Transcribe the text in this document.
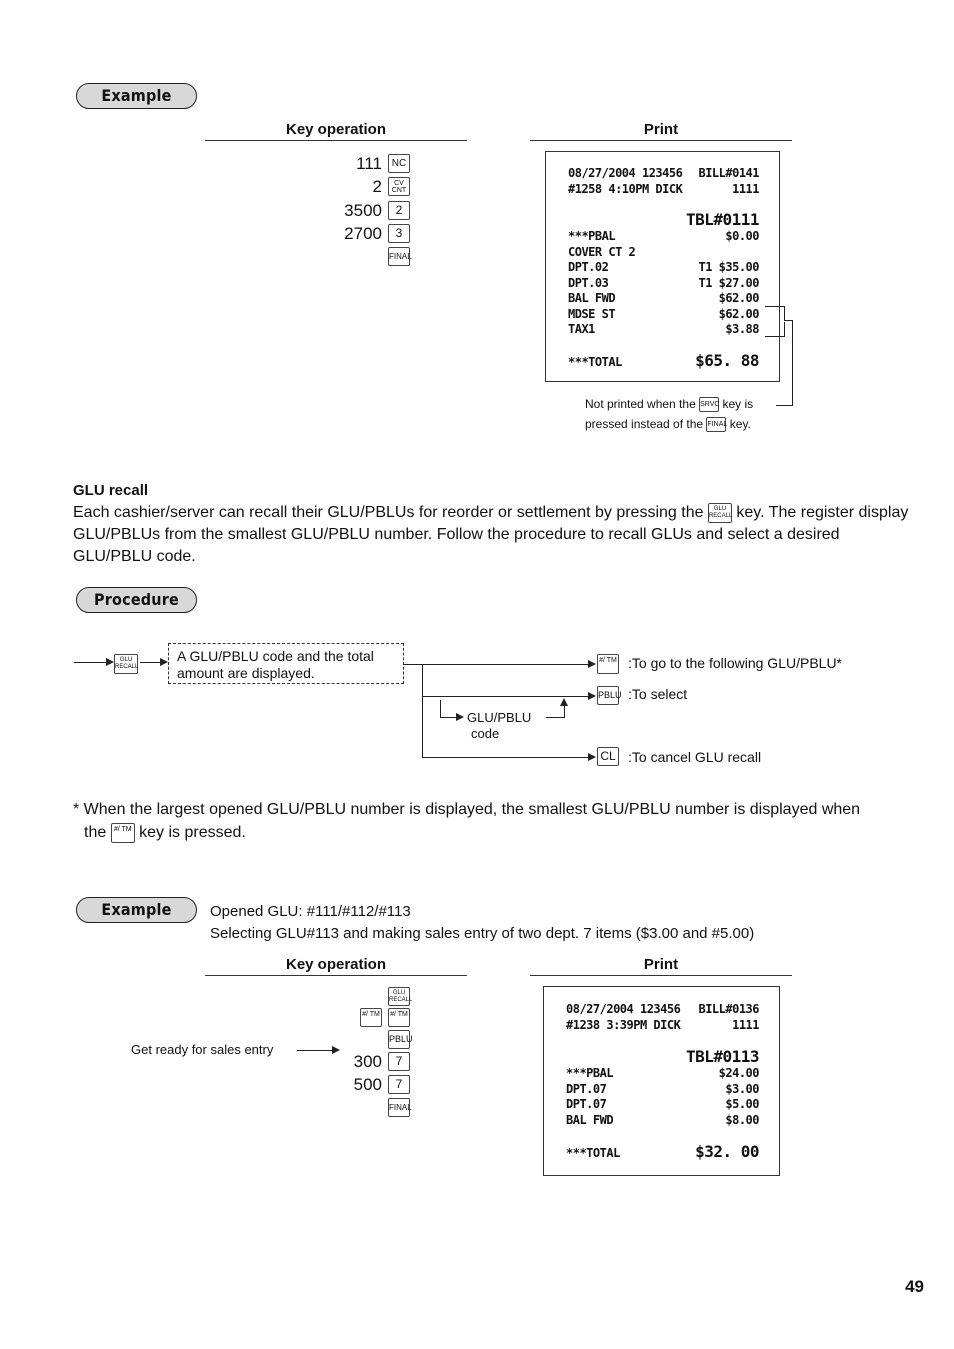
Example
Key operation	Print
111 NC
2	CV CNT
3500	2
2700	3
FINAL
08/27/2004 123456 BILL#0141
#1258 4:10PM DICK	1111
TBL#0111
***PBAL	$0.00
COVER CT 2
DPT.02	T1 $35.00
DPT.03	T1 $27.00
BAL FWD	$62.00
MDSE ST	$62.00
TAX1	$3.88
***TOTAL	$65. 88
Not printed when the SRVC key is
pressed instead of the FINAL key.
GLU recall
Each cashier/server can recall their GLU/PBLUs for reorder or settlement by pressing the GLU RECALL key. The register display GLU/PBLUs from the smallest GLU/PBLU number. Follow the procedure to recall GLUs and select a desired GLU/PBLU code.
Procedure
GLU RECALL
A GLU/PBLU code and the total
amount are displayed.
GLU/PBLU
code
#/ TM :To go to the following GLU/PBLU*
PBLU :To select
CL :To cancel GLU recall
* When the largest opened GLU/PBLU number is displayed, the smallest GLU/PBLU number is displayed when
the #/ TM key is pressed.
Example	Opened GLU: #111/#112/#113
Selecting GLU#113 and making sales entry of two dept. 7 items ($3.00 and #5.00)
Key operation	Print
Get ready for sales entry
GLU RECALL
#/ TM	#/ TM
PBLU
300	7
500	7
FINAL
08/27/2004 123456 BILL#0136
#1238 3:39PM DICK	1111
TBL#0113
***PBAL	$24.00
DPT.07	$3.00
DPT.07	$5.00
BAL FWD	$8.00
***TOTAL	$32. 00
49
